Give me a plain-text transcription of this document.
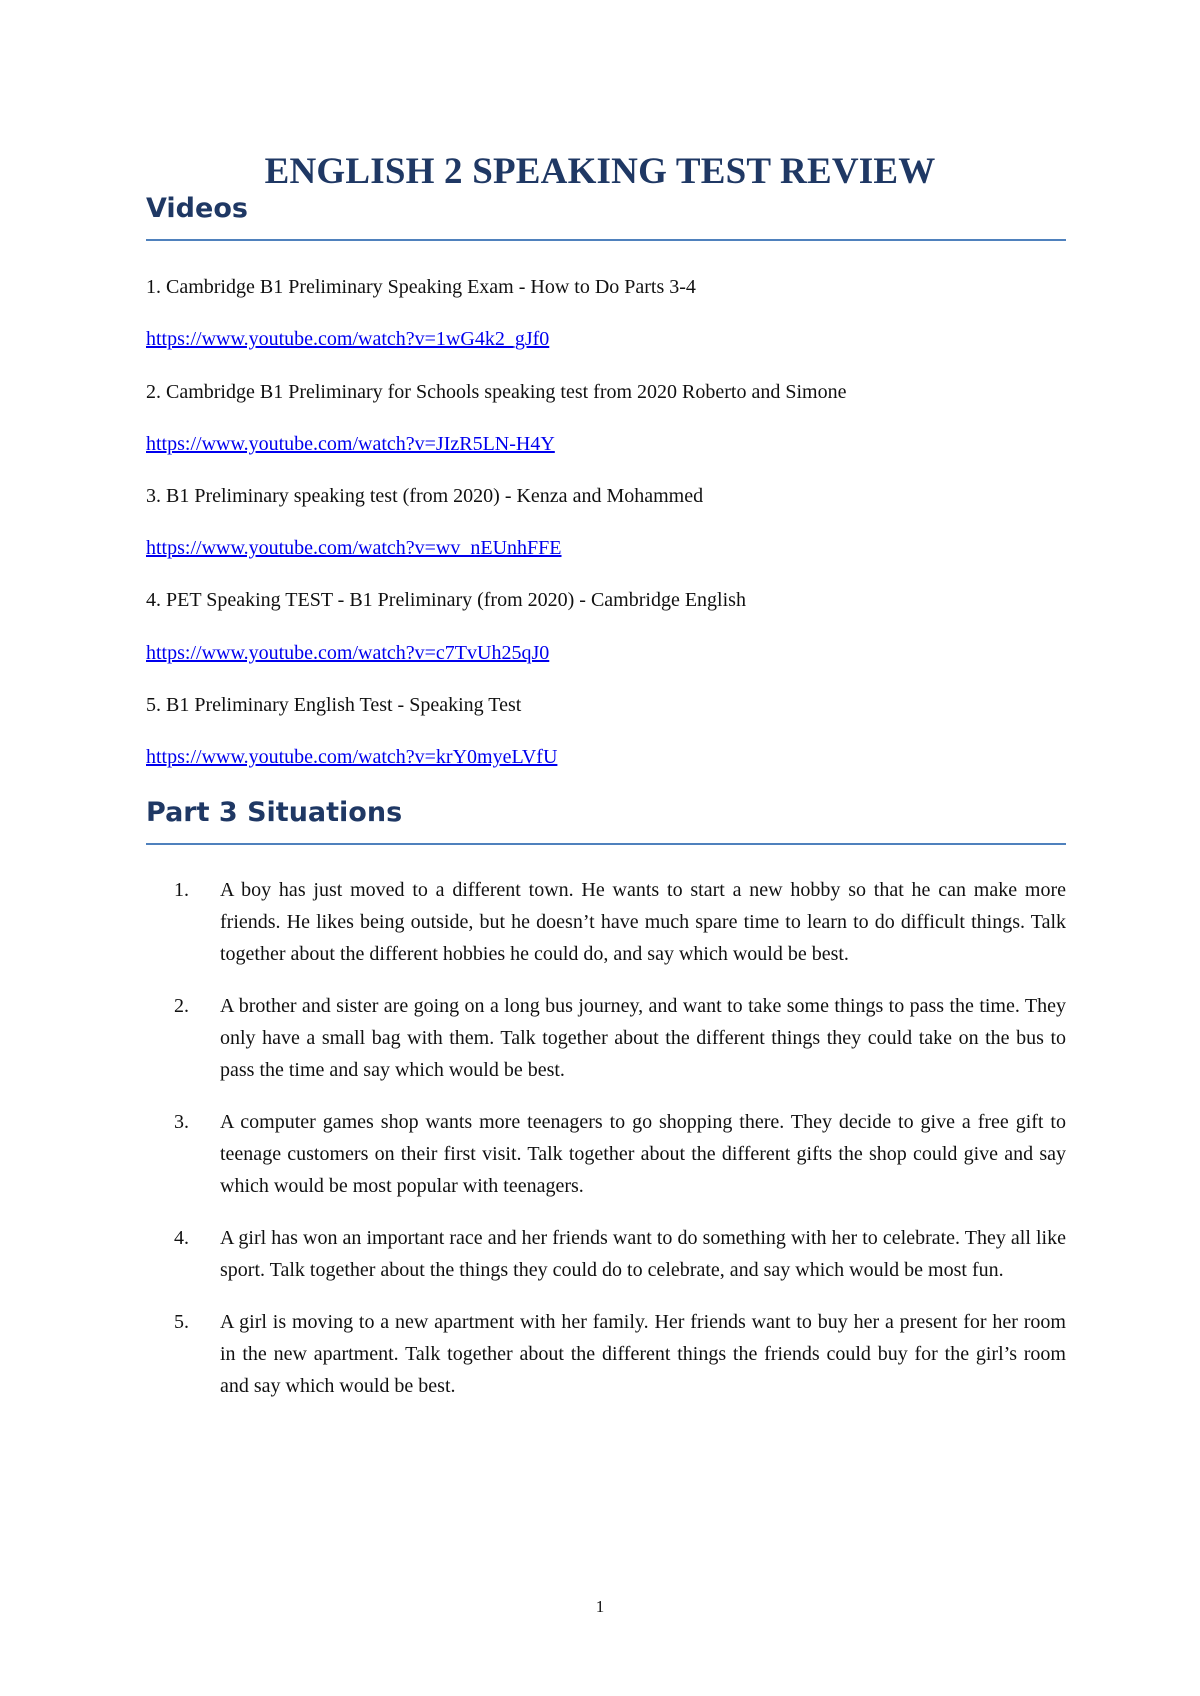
ENGLISH 2 SPEAKING TEST REVIEW
Videos
1. Cambridge B1 Preliminary Speaking Exam - How to Do Parts 3-4
https://www.youtube.com/watch?v=1wG4k2_gJf0
2. Cambridge B1 Preliminary for Schools speaking test from 2020 Roberto and Simone
https://www.youtube.com/watch?v=JIzR5LN-H4Y
3. B1 Preliminary speaking test (from 2020) - Kenza and Mohammed
https://www.youtube.com/watch?v=wv_nEUnhFFE
4. PET Speaking TEST - B1 Preliminary (from 2020) - Cambridge English
https://www.youtube.com/watch?v=c7TvUh25qJ0
5. B1 Preliminary English Test - Speaking Test
https://www.youtube.com/watch?v=krY0myeLVfU
Part 3 Situations
1.	A boy has just moved to a different town. He wants to start a new hobby so that he can make more friends. He likes being outside, but he doesn’t have much spare time to learn to do difficult things. Talk together about the different hobbies he could do, and say which would be best.
2.	A brother and sister are going on a long bus journey, and want to take some things to pass the time. They only have a small bag with them. Talk together about the different things they could take on the bus to pass the time and say which would be best.
3.	A computer games shop wants more teenagers to go shopping there. They decide to give a free gift to teenage customers on their first visit. Talk together about the different gifts the shop could give and say which would be most popular with teenagers.
4.	A girl has won an important race and her friends want to do something with her to celebrate. They all like sport. Talk together about the things they could do to celebrate, and say which would be most fun.
5.	A girl is moving to a new apartment with her family. Her friends want to buy her a present for her room in the new apartment. Talk together about the different things the friends could buy for the girl’s room and say which would be best.
1
